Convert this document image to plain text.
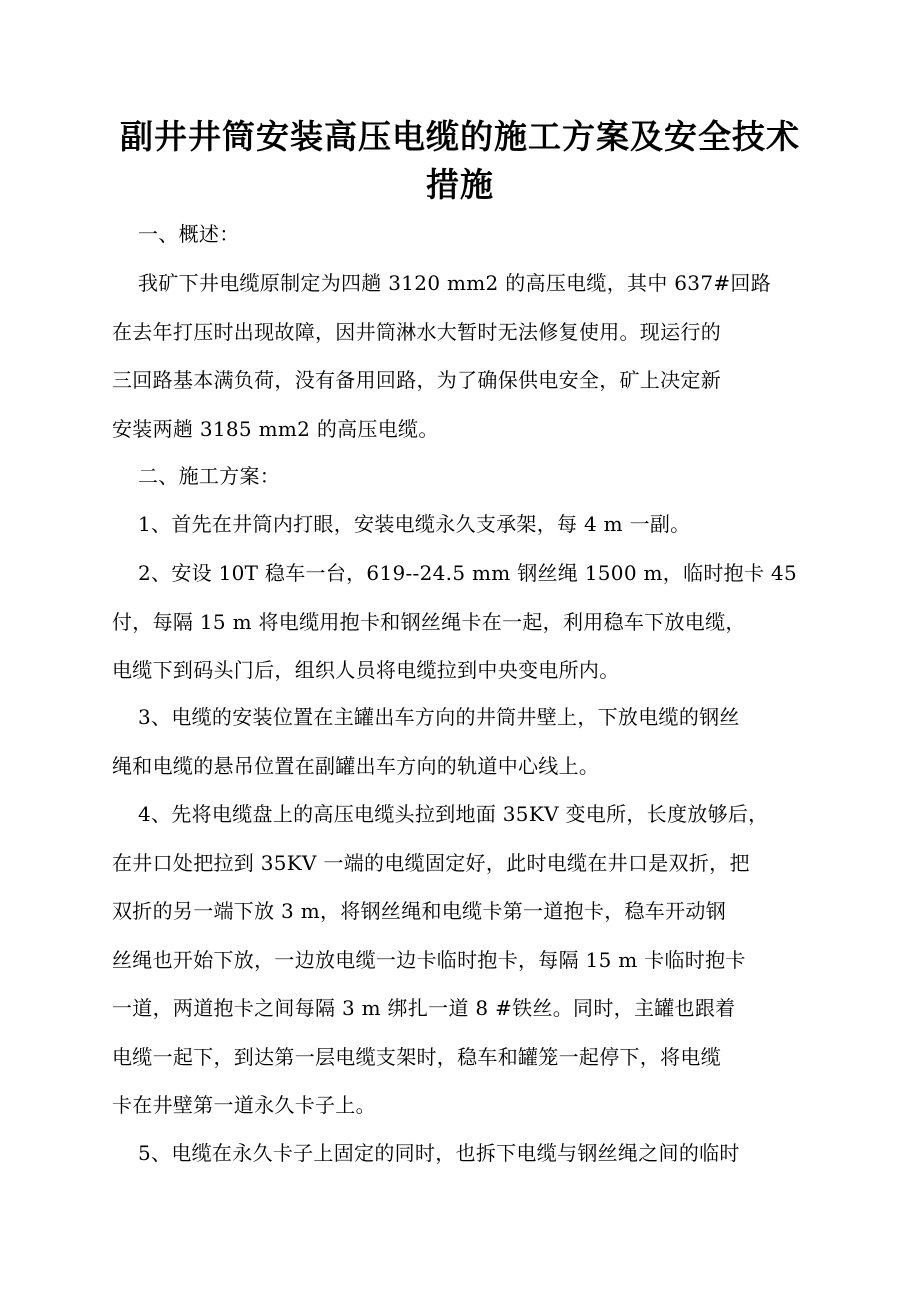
副井井筒安装高压电缆的施工方案及安全技术
措施

一、概述：

我矿下井电缆原制定为四趟 3120 mm2 的高压电缆，其中 637#回路
在去年打压时出现故障，因井筒淋水大暂时无法修复使用。现运行的
三回路基本满负荷，没有备用回路，为了确保供电安全，矿上决定新
安装两趟 3185 mm2 的高压电缆。

二、施工方案：

1、首先在井筒内打眼，安装电缆永久支承架，每 4 m 一副。
2、安设 10T 稳车一台，619--24.5 mm 钢丝绳 1500 m，临时抱卡 45
付，每隔 15 m 将电缆用抱卡和钢丝绳卡在一起，利用稳车下放电缆，
电缆下到码头门后，组织人员将电缆拉到中央变电所内。
3、电缆的安装位置在主罐出车方向的井筒井壁上，下放电缆的钢丝
绳和电缆的悬吊位置在副罐出车方向的轨道中心线上。
4、先将电缆盘上的高压电缆头拉到地面 35KV 变电所，长度放够后，
在井口处把拉到 35KV 一端的电缆固定好，此时电缆在井口是双折，把
双折的另一端下放 3 m，将钢丝绳和电缆卡第一道抱卡，稳车开动钢
丝绳也开始下放，一边放电缆一边卡临时抱卡，每隔 15 m 卡临时抱卡
一道，两道抱卡之间每隔 3 m 绑扎一道 8 #铁丝。同时，主罐也跟着
电缆一起下，到达第一层电缆支架时，稳车和罐笼一起停下，将电缆
卡在井壁第一道永久卡子上。
5、电缆在永久卡子上固定的同时，也拆下电缆与钢丝绳之间的临时
